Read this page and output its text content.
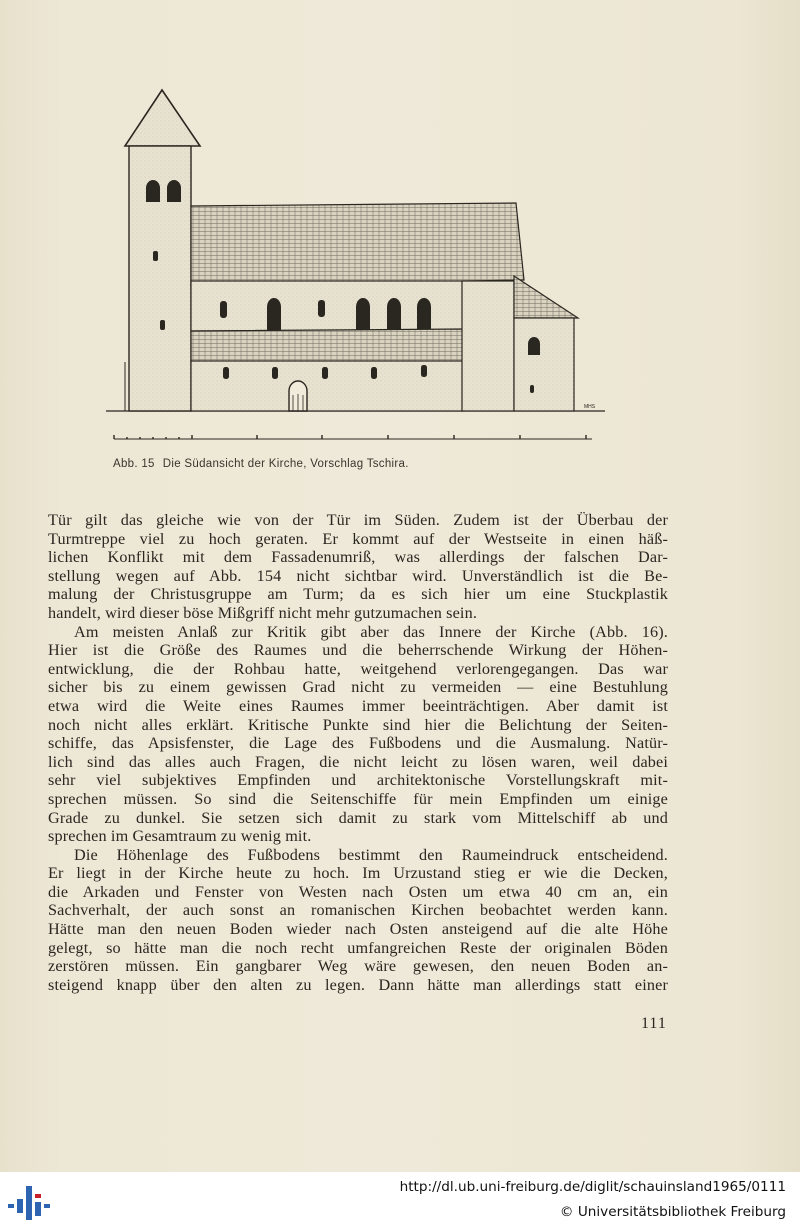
MHS
Abb. 15 Die Südansicht der Kirche, Vorschlag Tschira.
Tür gilt das gleiche wie von der Tür im Süden. Zudem ist der Überbau der
Turmtreppe viel zu hoch geraten. Er kommt auf der Westseite in einen häß-
lichen Konflikt mit dem Fassadenumriß, was allerdings der falschen Dar-
stellung wegen auf Abb. 154 nicht sichtbar wird. Unverständlich ist die Be-
malung der Christusgruppe am Turm; da es sich hier um eine Stuckplastik
handelt, wird dieser böse Mißgriff nicht mehr gutzumachen sein.
Am meisten Anlaß zur Kritik gibt aber das Innere der Kirche (Abb. 16).
Hier ist die Größe des Raumes und die beherrschende Wirkung der Höhen-
entwicklung, die der Rohbau hatte, weitgehend verlorengegangen. Das war
sicher bis zu einem gewissen Grad nicht zu vermeiden — eine Bestuhlung
etwa wird die Weite eines Raumes immer beeinträchtigen. Aber damit ist
noch nicht alles erklärt. Kritische Punkte sind hier die Belichtung der Seiten-
schiffe, das Apsisfenster, die Lage des Fußbodens und die Ausmalung. Natür-
lich sind das alles auch Fragen, die nicht leicht zu lösen waren, weil dabei
sehr viel subjektives Empfinden und architektonische Vorstellungskraft mit-
sprechen müssen. So sind die Seitenschiffe für mein Empfinden um einige
Grade zu dunkel. Sie setzen sich damit zu stark vom Mittelschiff ab und
sprechen im Gesamtraum zu wenig mit.
Die Höhenlage des Fußbodens bestimmt den Raumeindruck entscheidend.
Er liegt in der Kirche heute zu hoch. Im Urzustand stieg er wie die Decken,
die Arkaden und Fenster von Westen nach Osten um etwa 40 cm an, ein
Sachverhalt, der auch sonst an romanischen Kirchen beobachtet werden kann.
Hätte man den neuen Boden wieder nach Osten ansteigend auf die alte Höhe
gelegt, so hätte man die noch recht umfangreichen Reste der originalen Böden
zerstören müssen. Ein gangbarer Weg wäre gewesen, den neuen Boden an-
steigend knapp über den alten zu legen. Dann hätte man allerdings statt einer
111
http://dl.ub.uni-freiburg.de/diglit/schauinsland1965/0111
© Universitätsbibliothek Freiburg
